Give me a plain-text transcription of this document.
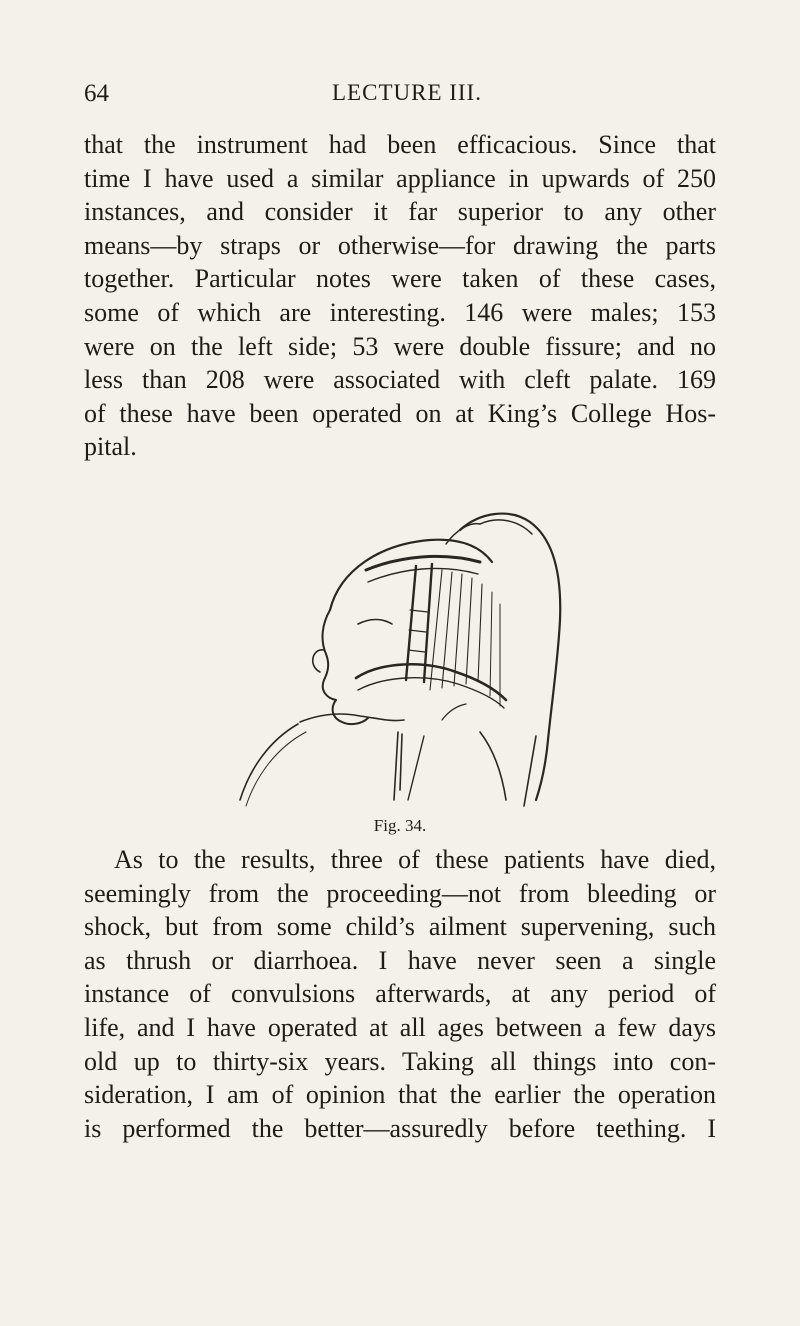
64	LECTURE III.
that the instrument had been efficacious. Since that
time I have used a similar appliance in upwards of 250
instances, and consider it far superior to any other
means—by straps or otherwise—for drawing the parts
together. Particular notes were taken of these cases,
some of which are interesting. 146 were males; 153
were on the left side; 53 were double fissure; and no
less than 208 were associated with cleft palate. 169
of these have been operated on at King’s College Hos-
pital.
Fig. 34.
As to the results, three of these patients have died,
seemingly from the proceeding—not from bleeding or
shock, but from some child’s ailment supervening, such
as thrush or diarrhoea. I have never seen a single
instance of convulsions afterwards, at any period of
life, and I have operated at all ages between a few days
old up to thirty-six years. Taking all things into con-
sideration, I am of opinion that the earlier the operation
is performed the better—assuredly before teething. I
